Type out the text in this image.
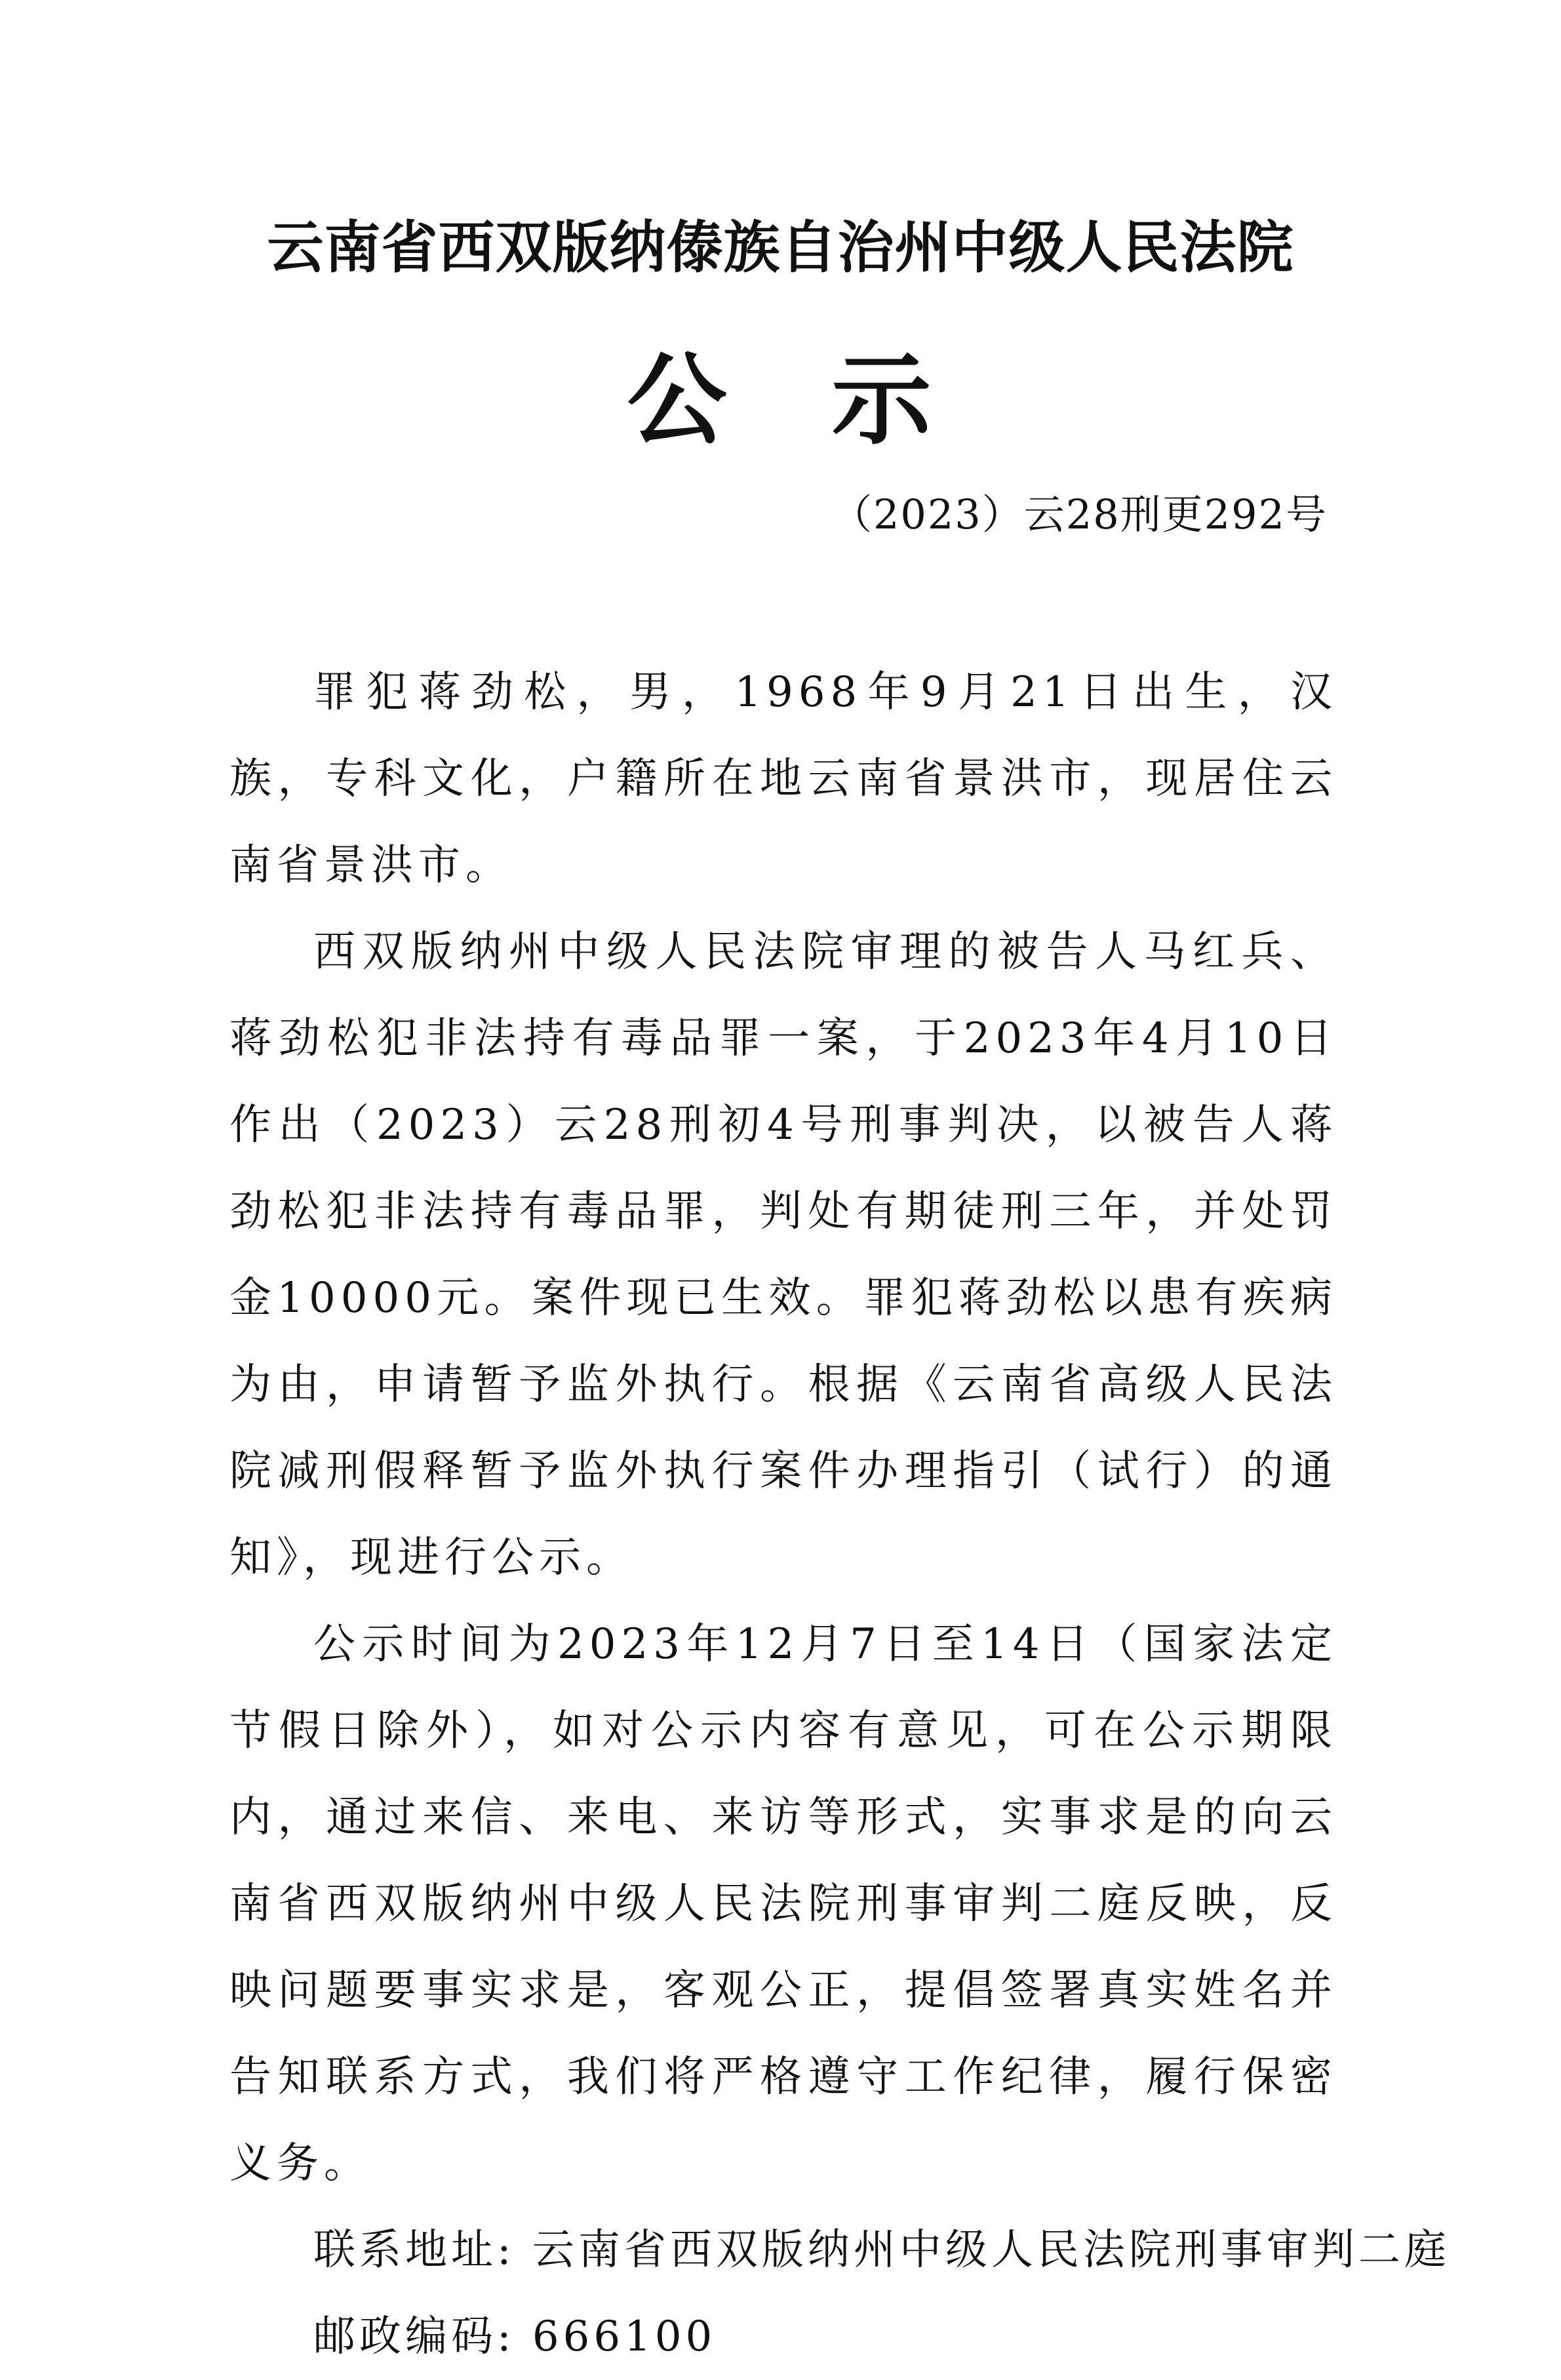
云南省西双版纳傣族自治州中级人民法院
公　示
（2023）云28刑更292号

罪犯蒋劲松，男，1968年9月21日出生，汉族，专科文化，户籍所在地云南省景洪市，现居住云南省景洪市。

西双版纳州中级人民法院审理的被告人马红兵、蒋劲松犯非法持有毒品罪一案，于2023年4月10日作出（2023）云28刑初4号刑事判决，以被告人蒋劲松犯非法持有毒品罪，判处有期徒刑三年，并处罚金10000元。案件现已生效。罪犯蒋劲松以患有疾病为由，申请暂予监外执行。根据《云南省高级人民法院减刑假释暂予监外执行案件办理指引（试行）的通知》，现进行公示。

公示时间为2023年12月7日至14日（国家法定节假日除外），如对公示内容有意见，可在公示期限内，通过来信、来电、来访等形式，实事求是的向云南省西双版纳州中级人民法院刑事审判二庭反映，反映问题要事实求是，客观公正，提倡签署真实姓名并告知联系方式，我们将严格遵守工作纪律，履行保密义务。

联系地址: 云南省西双版纳州中级人民法院刑事审判二庭
邮政编码: 666100
